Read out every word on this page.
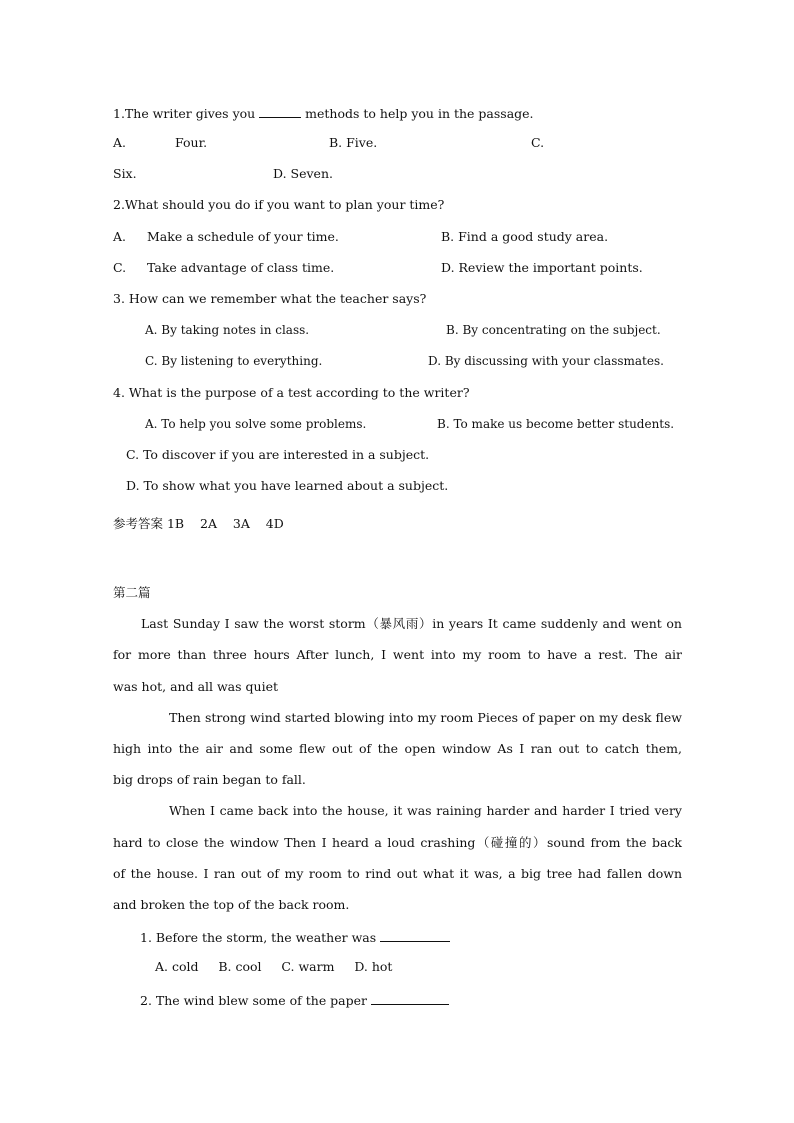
1.The writer gives you	methods to help you in the passage.
A.	Four.	B. Five.	C.
Six.	D. Seven.
2.What should you do if you want to plan your time?
A. Make a schedule of your time.	B. Find a good study area.
C. Take advantage of class time.	D. Review the important points.
3. How can we remember what the teacher says?
A. By taking notes in class.	B. By concentrating on the subject.
C. By listening to everything.	D. By discussing with your classmates.
4. What is the purpose of a test according to the writer?
A. To help you solve some problems.	B. To make us become better students.
C. To discover if you are interested in a subject.
D. To show what you have learned about a subject.
参考答案 1B    2A    3A    4D
第二篇
Last Sunday I saw the worst storm（暴风雨）in years It came suddenly and went on
for more than three hours After lunch, I went into my room to have a rest. The air
was hot, and all was quiet
Then strong wind started blowing into my room Pieces of paper on my desk flew
high into the air and some flew out of the open window As I ran out to catch them,
big drops of rain began to fall.
When I came back into the house, it was raining harder and harder I tried very
hard to close the window Then I heard a loud crashing（碰撞的）sound from the back
of the house. I ran out of my room to rind out what it was, a big tree had fallen down
and broken the top of the back room.
1. Before the storm, the weather was
A. cold     B. cool     C. warm     D. hot
2. The wind blew some of the paper
